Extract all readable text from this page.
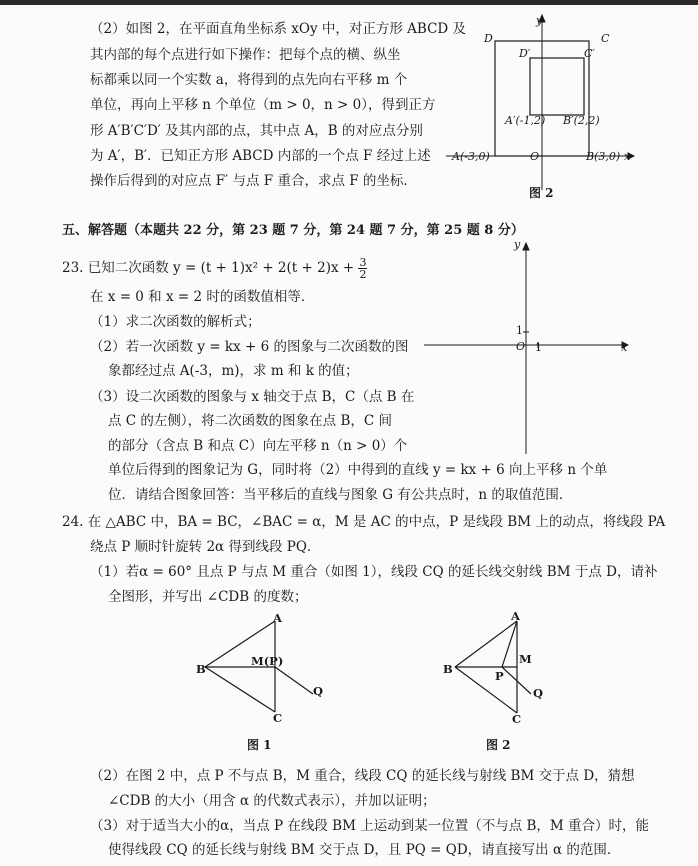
（2）如图 2，在平面直角坐标系 xOy 中，对正方形 ABCD 及
其内部的每个点进行如下操作：把每个点的横、纵坐
标都乘以同一个实数 a，将得到的点先向右平移 m 个
单位，再向上平移 n 个单位（m > 0，n > 0），得到正方
形 A′B′C′D′ 及其内部的点，其中点 A，B 的对应点分别
为 A′，B′．已知正方形 ABCD 内部的一个点 F 经过上述
操作后得到的对应点 F′ 与点 F 重合，求点 F 的坐标．
y
x
O
D	C
D′	C′
A′(-1,2) B′(2,2)
A(-3,0)	B(3,0)
图 2
五、解答题（本题共 22 分，第 23 题 7 分，第 24 题 7 分，第 25 题 8 分）
23. 已知二次函数 $y = (t + 1)x^2 + 2(t + 2)x + \frac{3}{2}$
在 x = 0 和 x = 2 时的函数值相等．
（1）求二次函数的解析式；
（2）若一次函数 y = kx + 6 的图象与二次函数的图
象都经过点 A(-3，m)，求 m 和 k 的值；
（3）设二次函数的图象与 x 轴交于点 B，C（点 B 在
点 C 的左侧），将二次函数的图象在点 B，C 间
的部分（含点 B 和点 C）向左平移 n（n > 0）个
单位后得到的图象记为 G，同时将（2）中得到的直线 y = kx + 6 向上平移 n 个单
位．请结合图象回答：当平移后的直线与图象 G 有公共点时，n 的取值范围．
y
x
O 1
1
24. 在 △ABC 中，BA = BC，∠BAC = α，M 是 AC 的中点，P 是线段 BM 上的动点，将线段 PA
绕点 P 顺时针旋转 2α 得到线段 PQ．
（1）若α = 60° 且点 P 与点 M 重合（如图 1），线段 CQ 的延长线交射线 BM 于点 D，请补
全图形，并写出 ∠CDB 的度数；
A
B
M(P)
Q
C
图 1
A
B
M
P
Q
C
图 2
（2）在图 2 中，点 P 不与点 B，M 重合，线段 CQ 的延长线与射线 BM 交于点 D，猜想
∠CDB 的大小（用含 α 的代数式表示），并加以证明；
（3）对于适当大小的α，当点 P 在线段 BM 上运动到某一位置（不与点 B，M 重合）时，能
使得线段 CQ 的延长线与射线 BM 交于点 D，且 PQ = QD，请直接写出 α 的范围．
